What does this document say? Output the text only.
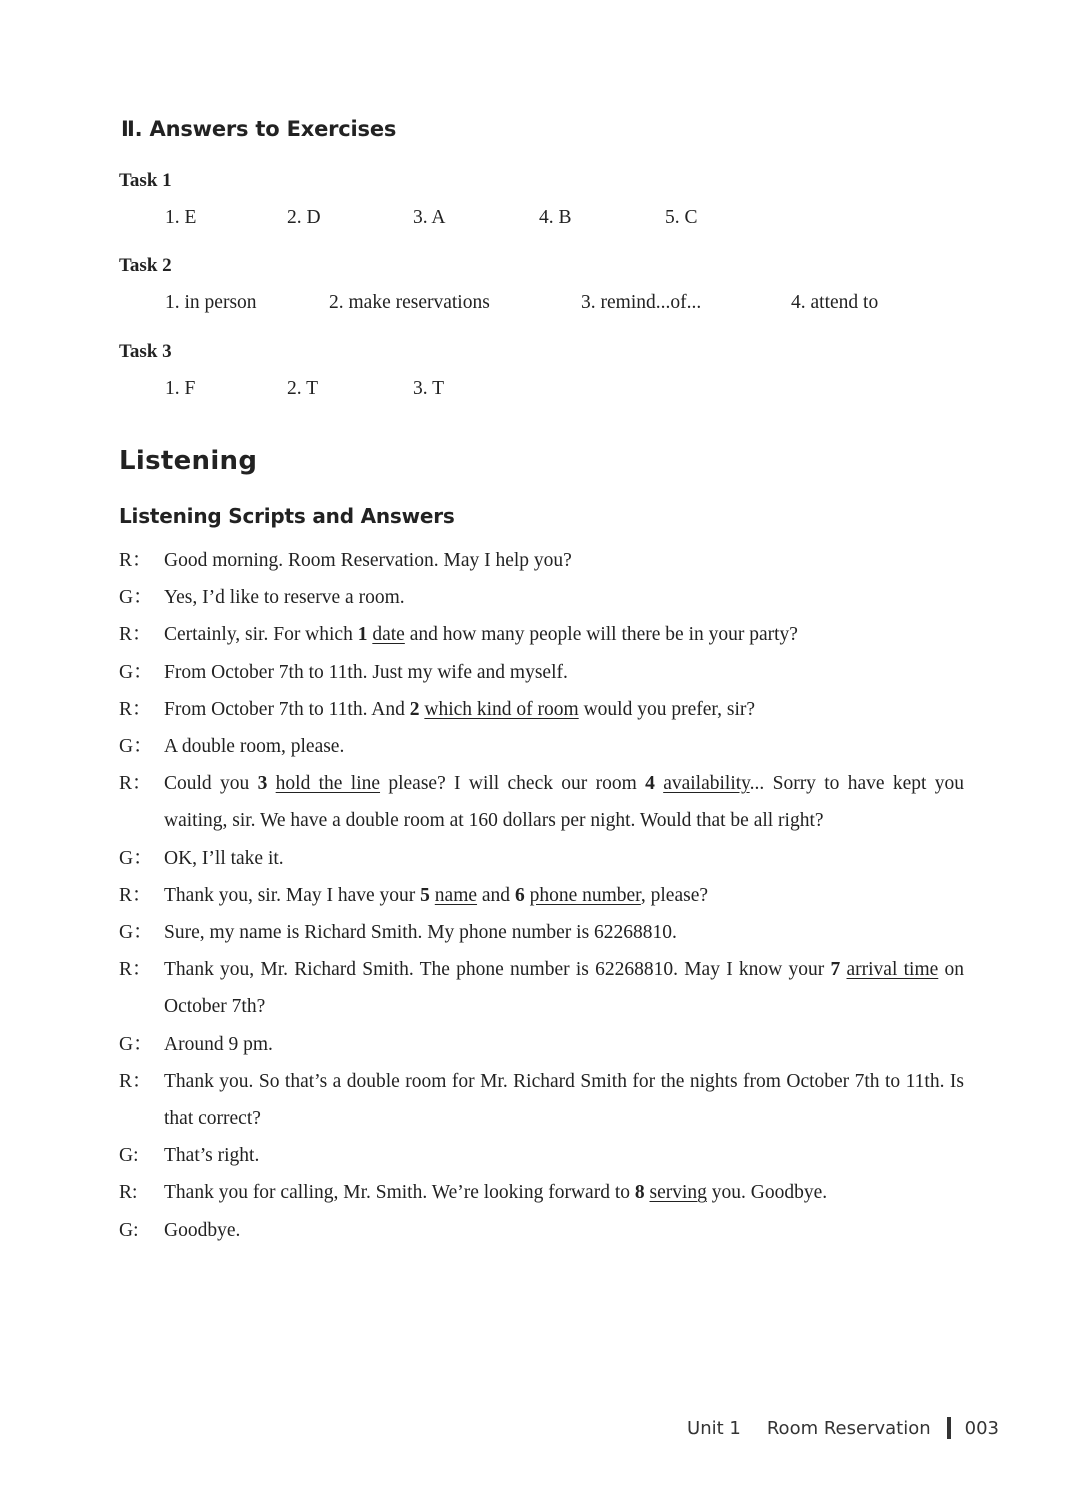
Ⅱ. Answers to Exercises
Task 1
1. E	2. D	3. A	4. B	5. C
Task 2
1. in person	2. make reservations	3. remind...of...	4. attend to
Task 3
1. F	2. T	3. T
Listening
Listening Scripts and Answers
R： Good morning. Room Reservation. May I help you?
G： Yes, I’d like to reserve a room.
R： Certainly, sir. For which 1 date and how many people will there be in your party?
G： From October 7th to 11th. Just my wife and myself.
R： From October 7th to 11th. And 2 which kind of room would you prefer, sir?
G： A double room, please.
R： Could you 3 hold the line please? I will check our room 4 availability... Sorry to have kept you waiting, sir. We have a double room at 160 dollars per night. Would that be all right?
G： OK, I’ll take it.
R： Thank you, sir. May I have your 5 name and 6 phone number, please?
G： Sure, my name is Richard Smith. My phone number is 62268810.
R： Thank you, Mr. Richard Smith. The phone number is 62268810. May I know your 7 arrival time on October 7th?
G： Around 9 pm.
R： Thank you. So that’s a double room for Mr. Richard Smith for the nights from October 7th to 11th. Is that correct?
G:	That’s right.
R:	Thank you for calling, Mr. Smith. We’re looking forward to 8 serving you. Goodbye.
G:	Goodbye.
Unit 1 Room Reservation 003
